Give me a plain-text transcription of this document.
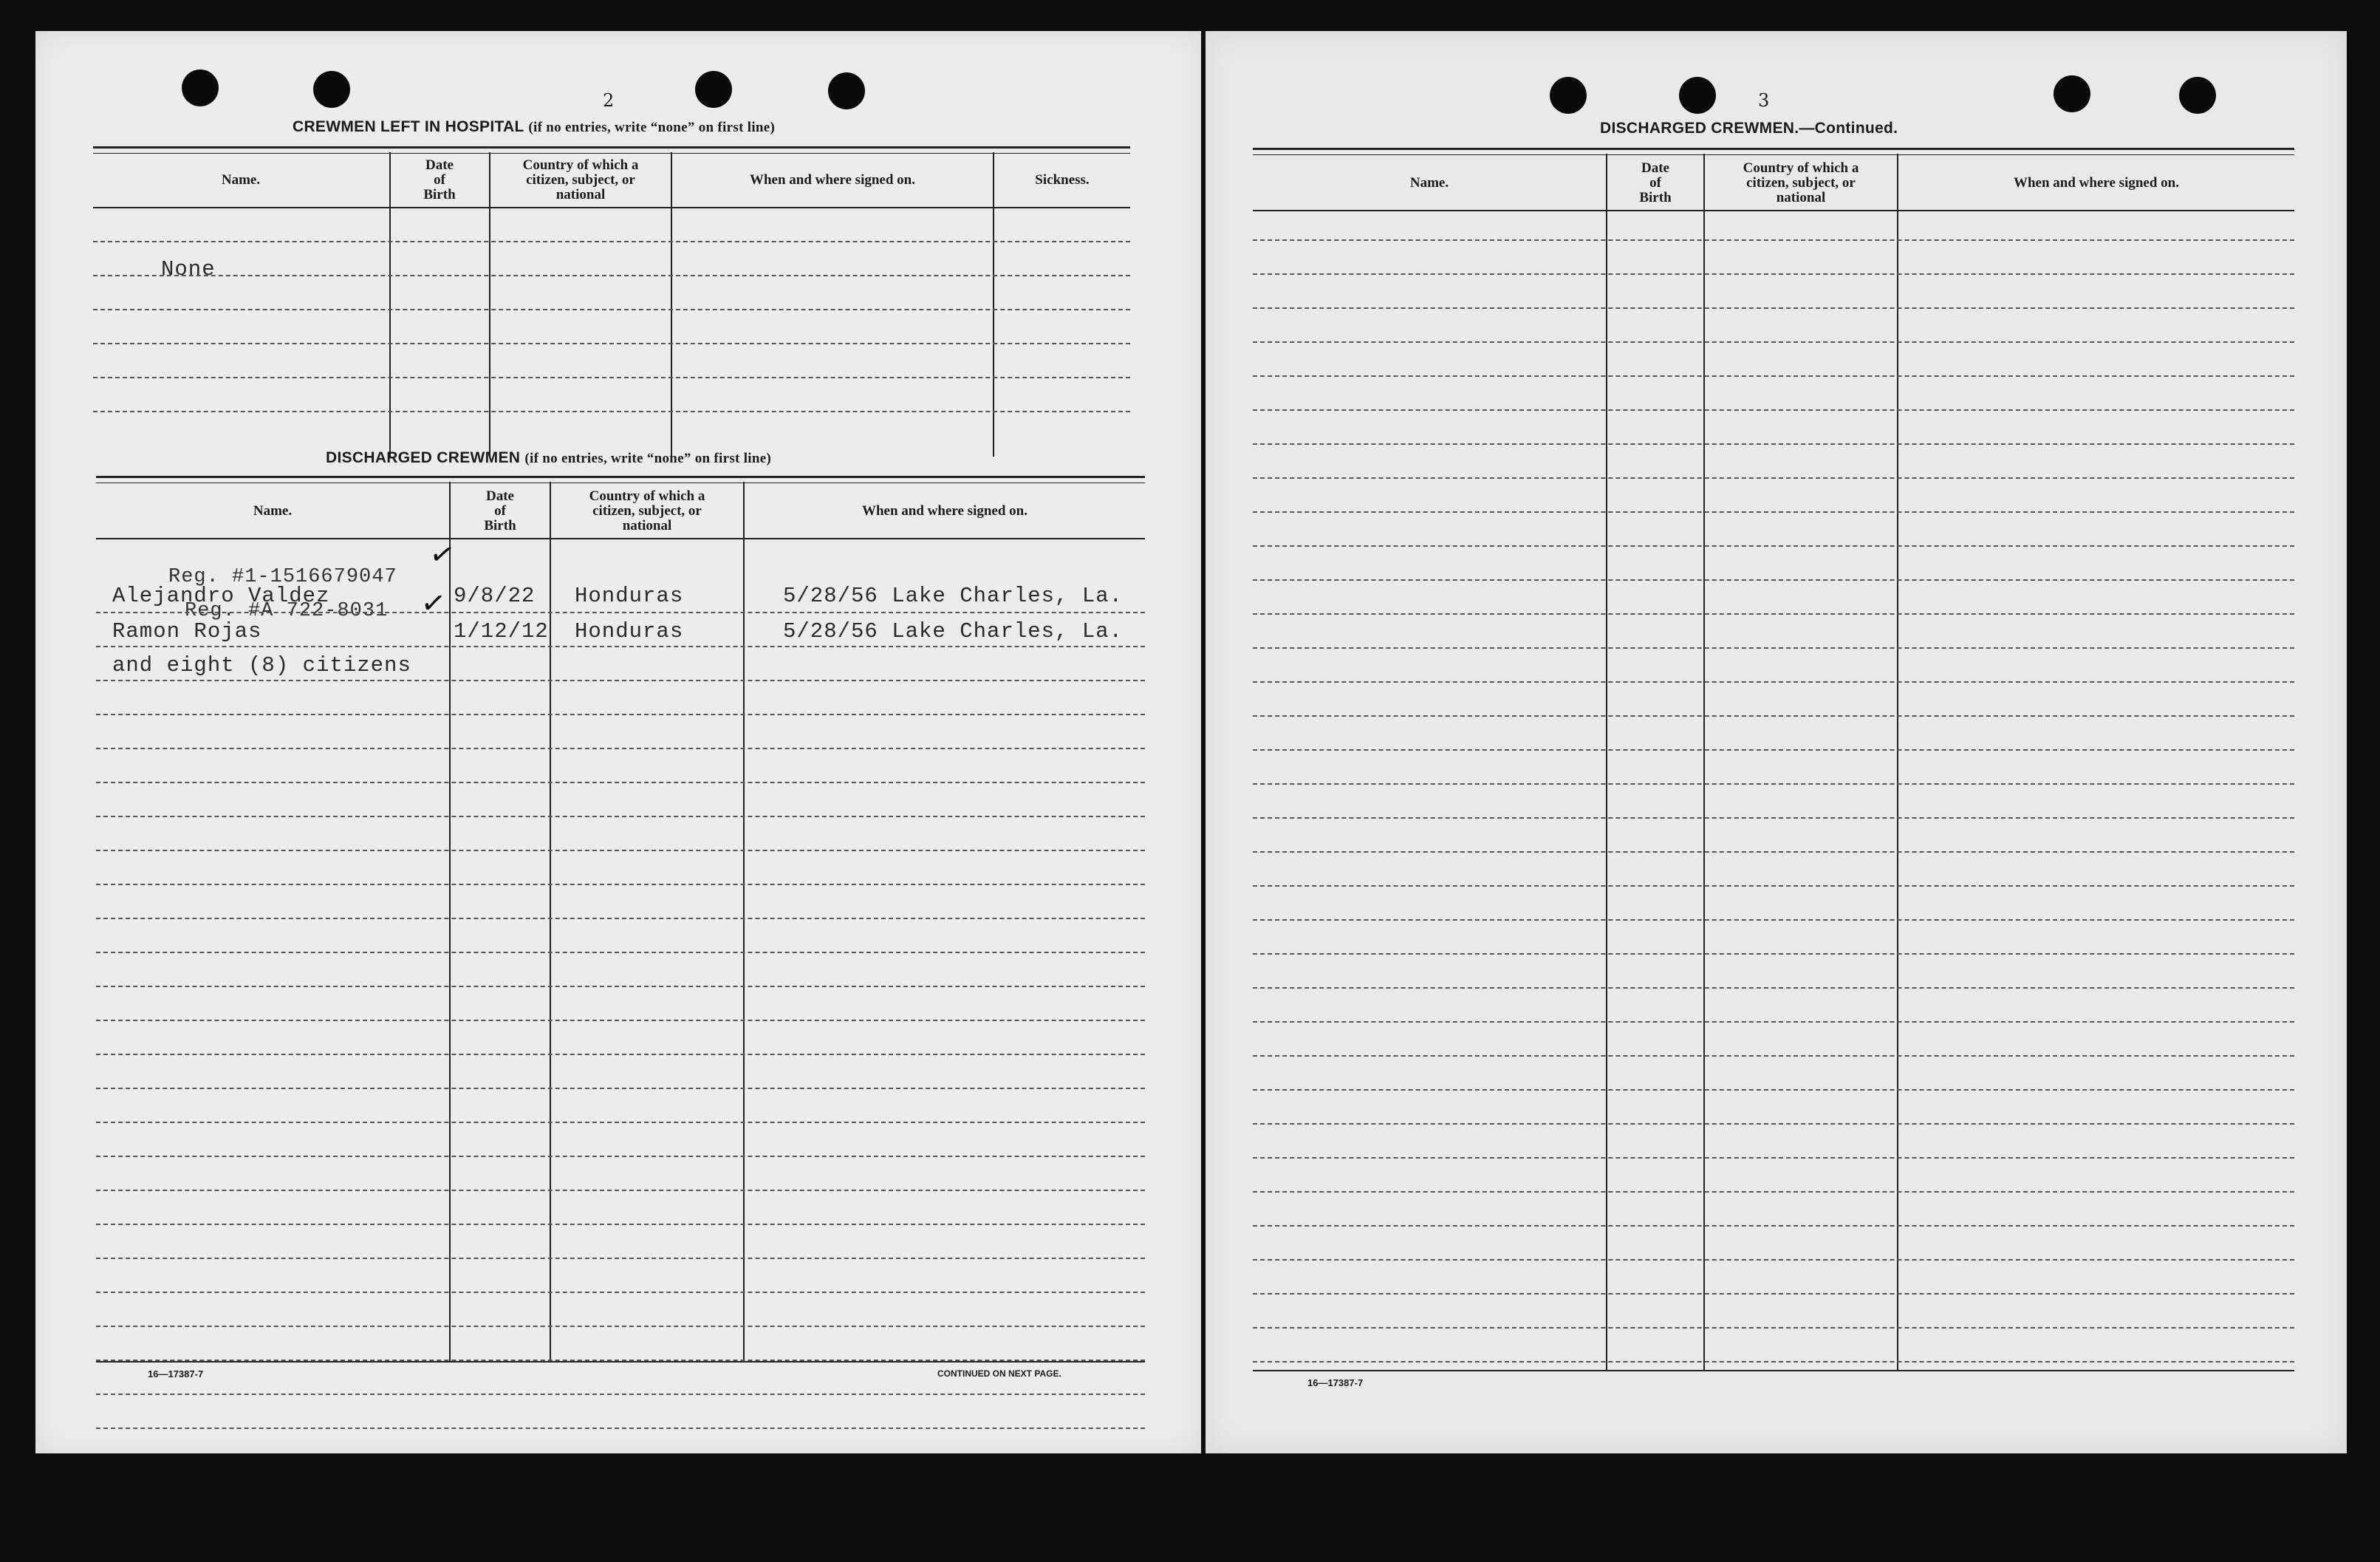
2
CREWMEN LEFT IN HOSPITAL (if no entries, write “none” on first line)
Name.
Date
of
Birth
Country of which a
citizen, subject, or
national
When and where signed on.	Sickness.
None
DISCHARGED CREWMEN (if no entries, write “none” on first line)
Name.
Date
of
Birth
Country of which a
citizen, subject, or
national
When and where signed on.
Reg. #1-1516679047
Alejandro Valdez	9/8/22 Honduras	5/28/56 Lake Charles, La.
✓
Reg. #A 722-8031
Ramon Rojas	1/12/12 Honduras	5/28/56 Lake Charles, La.
✓
and eight (8) citizens
16—17387-7	CONTINUED ON NEXT PAGE.
3
DISCHARGED CREWMEN.—Continued.
Name.
Date
of
Birth
Country of which a
citizen, subject, or
national
When and where signed on.
16—17387-7
